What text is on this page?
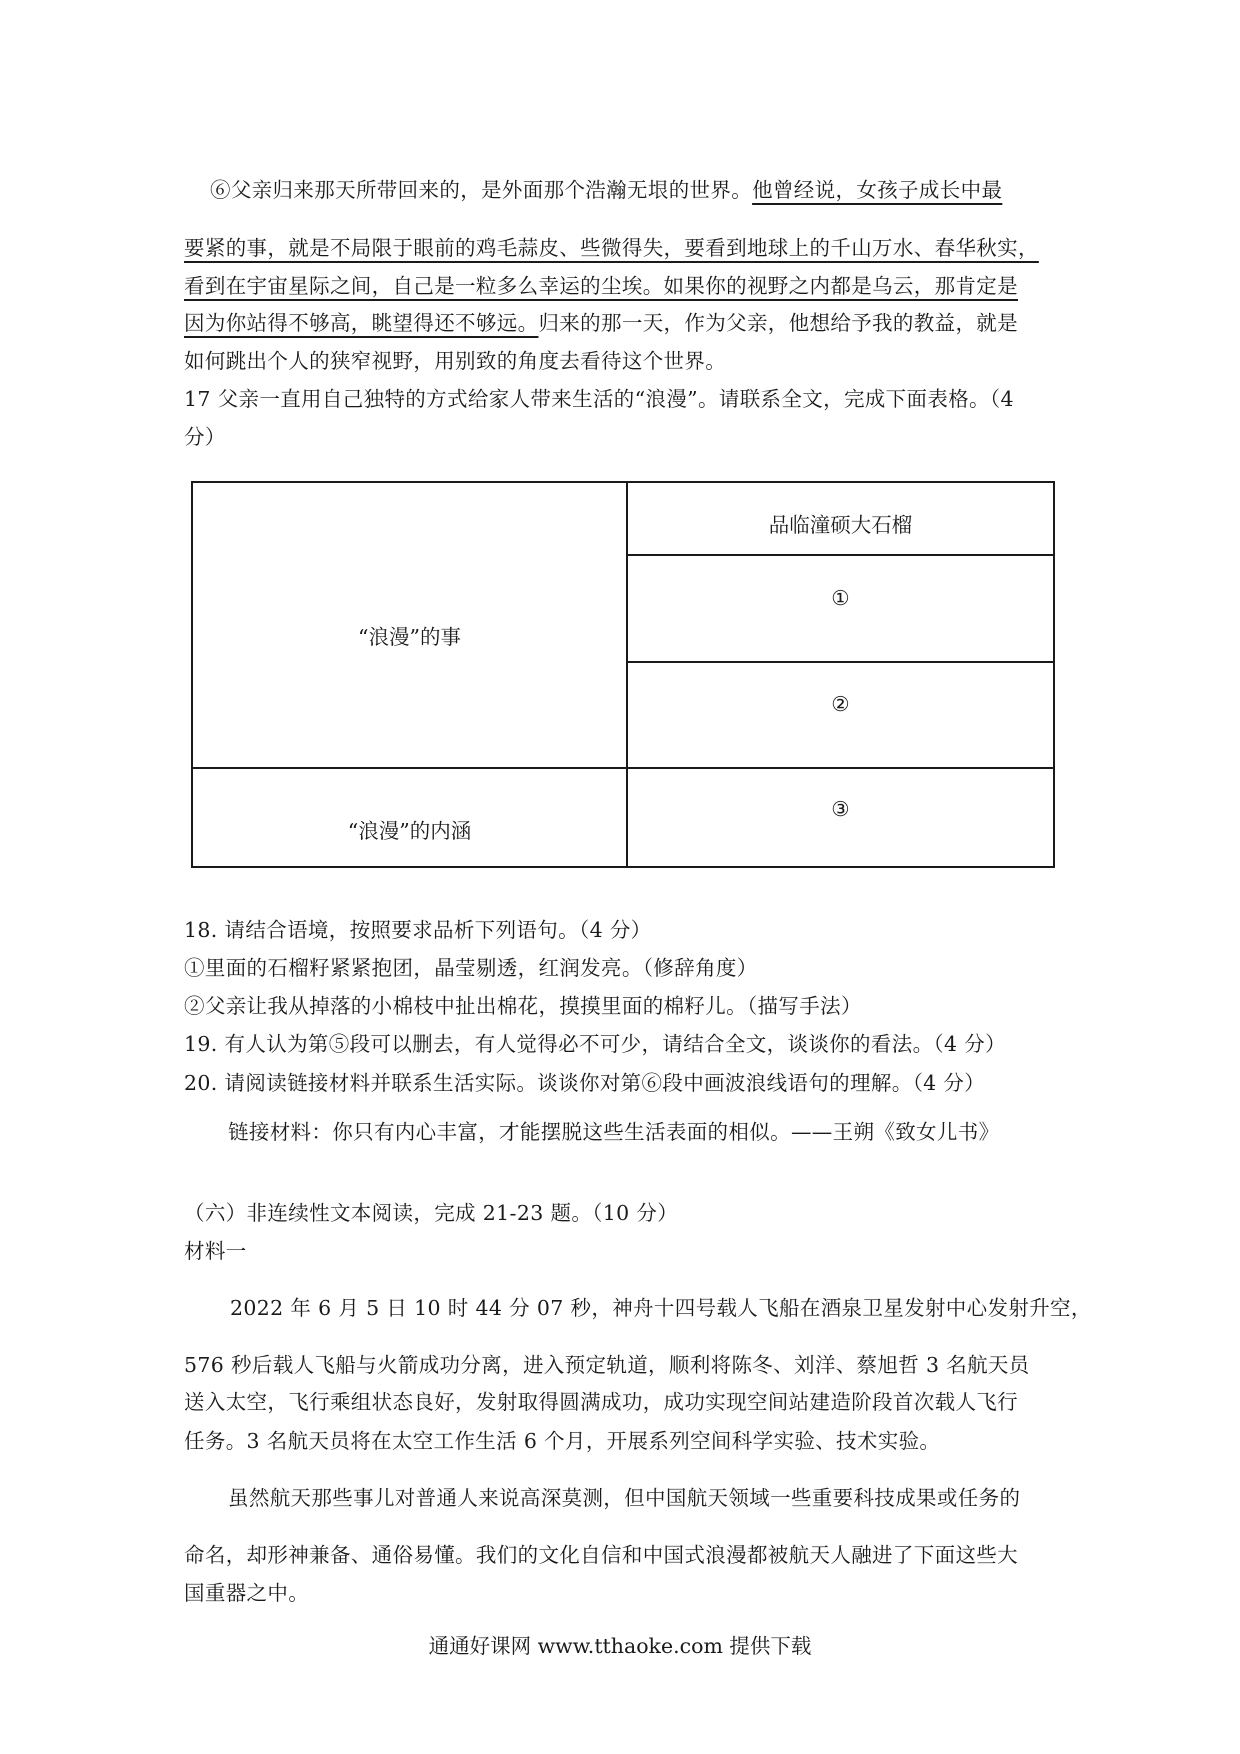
⑥父亲归来那天所带回来的，是外面那个浩瀚无垠的世界。他曾经说，女孩子成长中最
要紧的事，就是不局限于眼前的鸡毛蒜皮、些微得失，要看到地球上的千山万水、春华秋实，
看到在宇宙星际之间，自己是一粒多么幸运的尘埃。如果你的视野之内都是乌云，那肯定是
因为你站得不够高，眺望得还不够远。归来的那一天，作为父亲，他想给予我的教益，就是
如何跳出个人的狭窄视野，用别致的角度去看待这个世界。
17 父亲一直用自己独特的方式给家人带来生活的“浪漫”。请联系全文，完成下面表格。（4
分）
“浪漫”的事
“浪漫”的内涵
品临潼硕大石榴
①
②
③
18. 请结合语境，按照要求品析下列语句。（4 分）
①里面的石榴籽紧紧抱团，晶莹剔透，红润发亮。（修辞角度）
②父亲让我从掉落的小棉枝中扯出棉花，摸摸里面的棉籽儿。（描写手法）
19. 有人认为第⑤段可以删去，有人觉得必不可少，请结合全文，谈谈你的看法。（4 分）
20. 请阅读链接材料并联系生活实际。谈谈你对第⑥段中画波浪线语句的理解。（4 分）
链接材料：你只有内心丰富，才能摆脱这些生活表面的相似。——王朔《致女儿书》
（六）非连续性文本阅读，完成 21-23 题。（10 分）
材料一
2022 年 6 月 5 日 10 时 44 分 07 秒，神舟十四号载人飞船在酒泉卫星发射中心发射升空，
576 秒后载人飞船与火箭成功分离，进入预定轨道，顺利将陈冬、刘洋、蔡旭哲 3 名航天员
送入太空，飞行乘组状态良好，发射取得圆满成功，成功实现空间站建造阶段首次载人飞行
任务。3 名航天员将在太空工作生活 6 个月，开展系列空间科学实验、技术实验。
虽然航天那些事儿对普通人来说高深莫测，但中国航天领域一些重要科技成果或任务的
命名，却形神兼备、通俗易懂。我们的文化自信和中国式浪漫都被航天人融进了下面这些大
国重器之中。
通通好课网 www.tthaoke.com 提供下载
